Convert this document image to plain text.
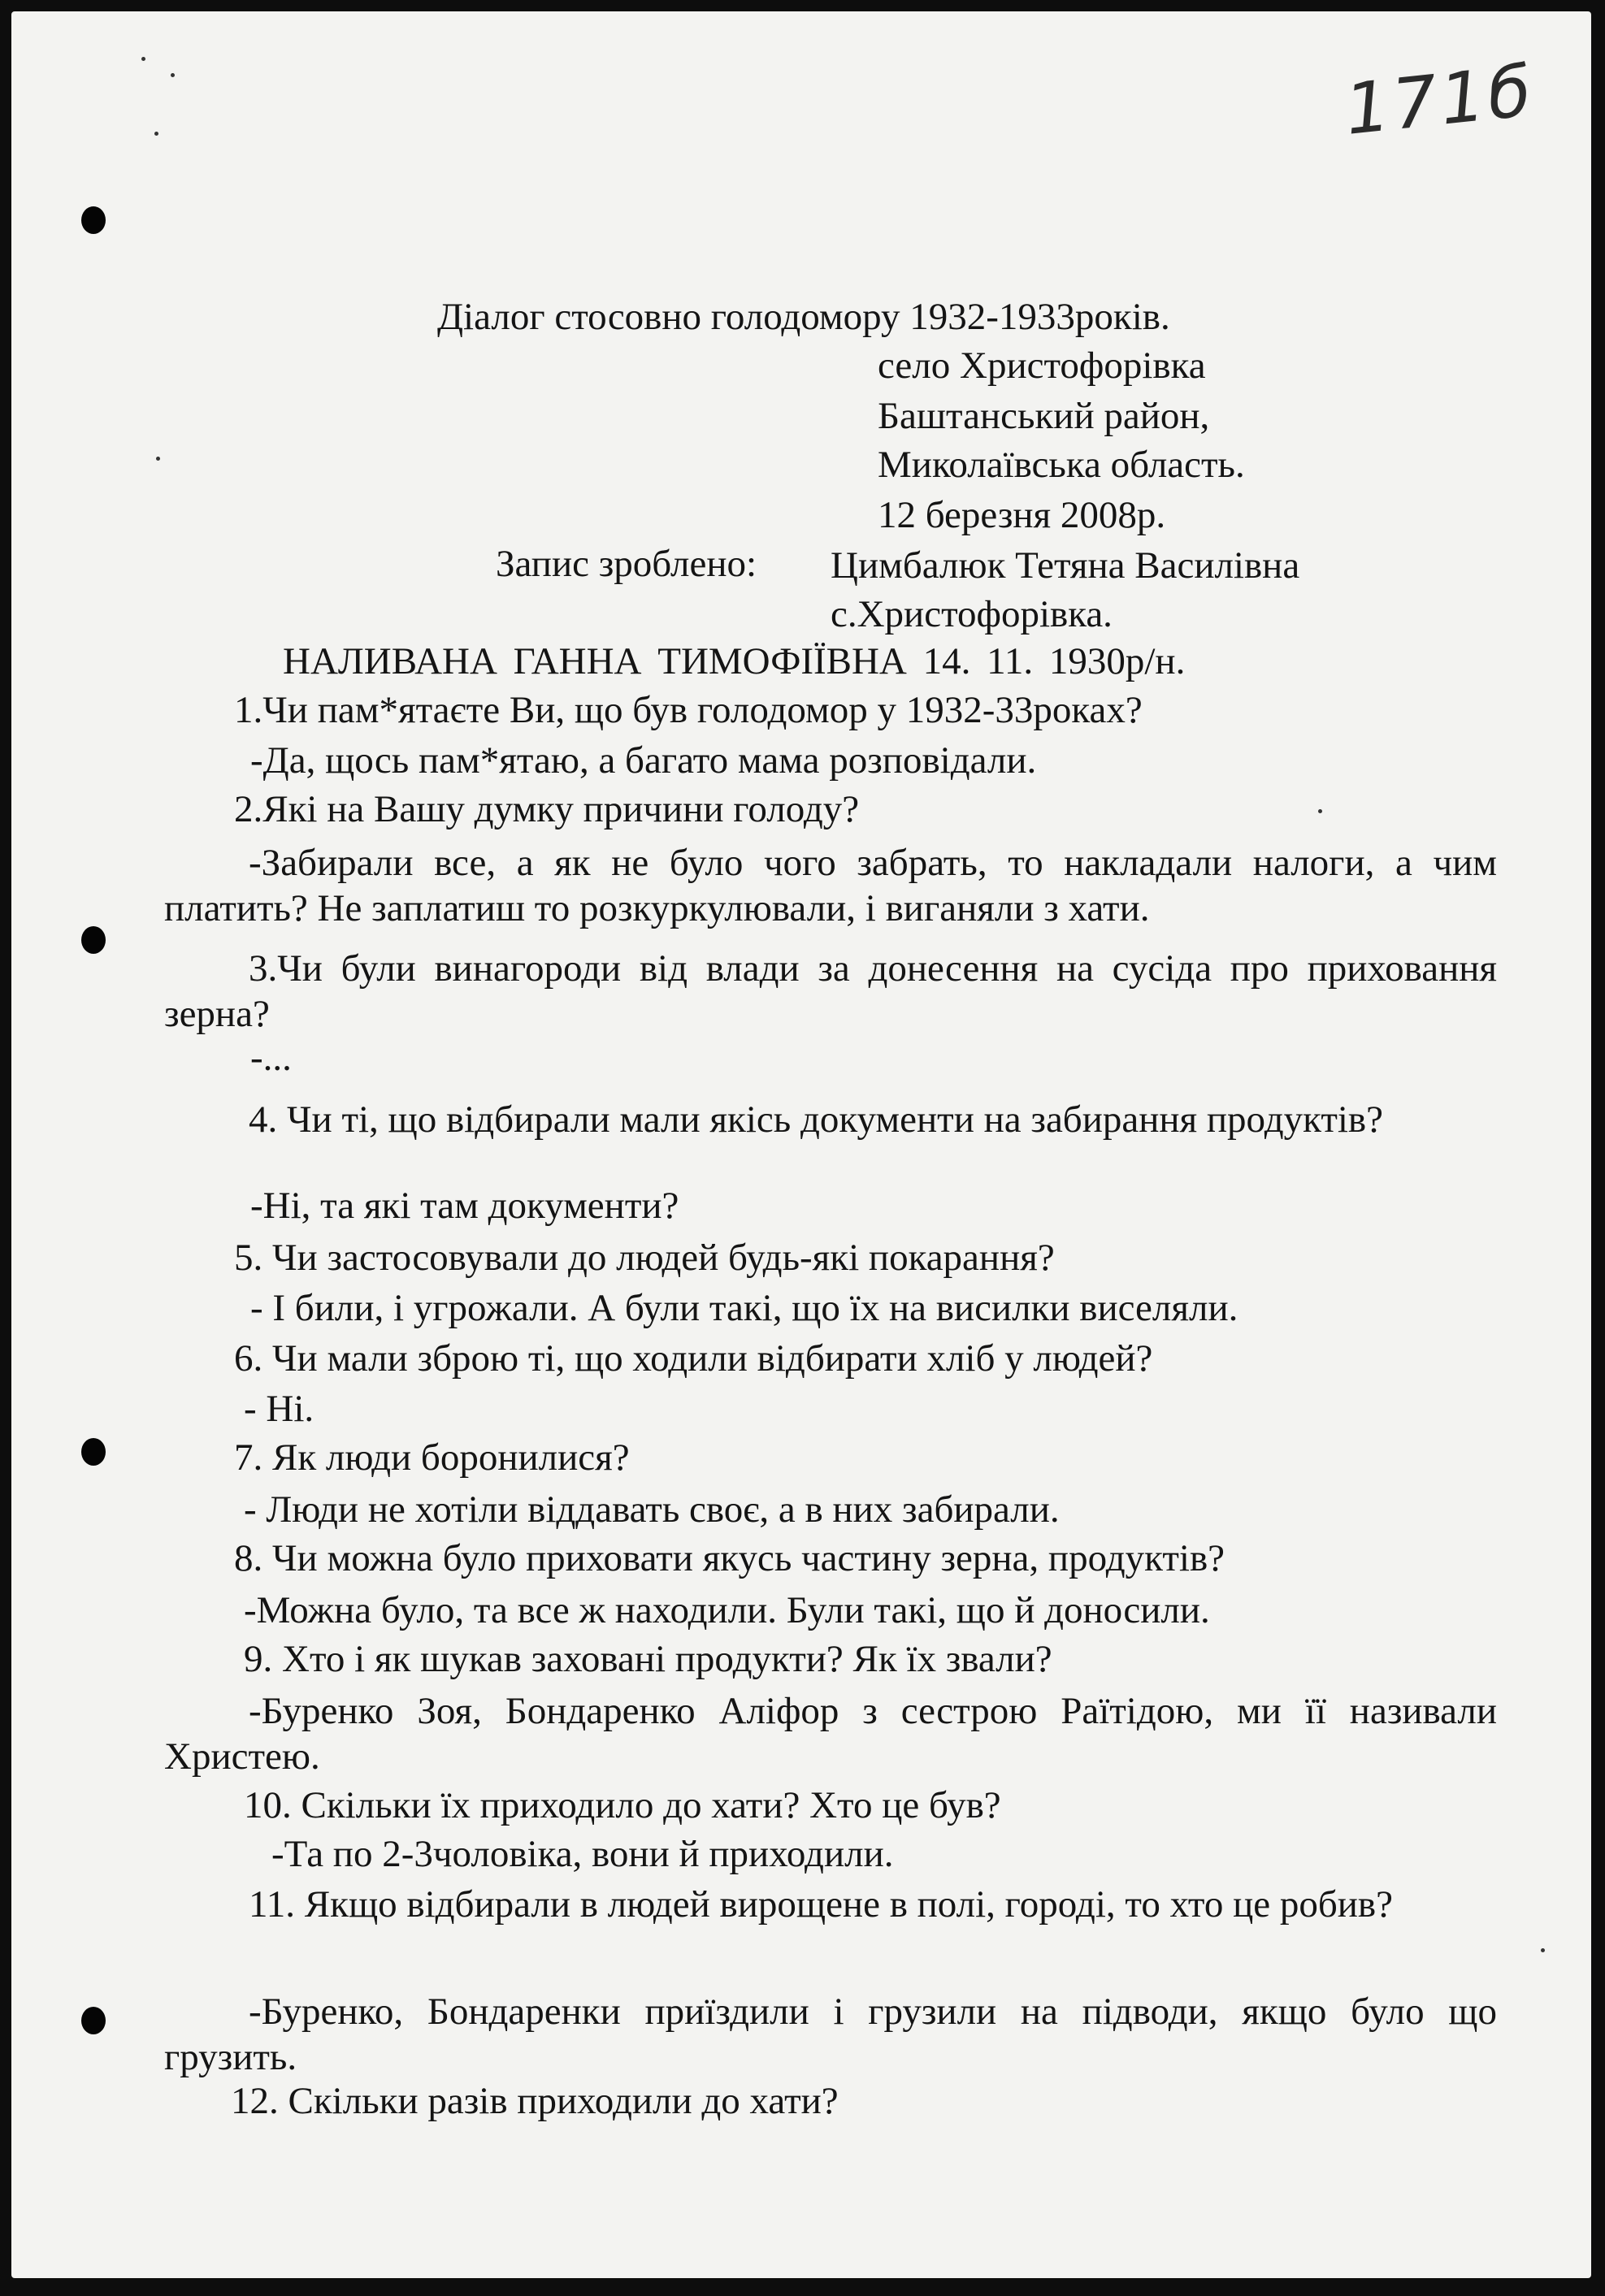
171б
Діалог стосовно голодомору 1932-1933років.
село Христофорівка
Баштанський район,
Миколаївська область.
12 березня 2008р.
Запис зроблено: Цимбалюк Тетяна Василівна
с.Христофорівка.
НАЛИВАНА ГАННА ТИМОФІЇВНА 14. 11. 1930р/н.
1.Чи пам*ятаєте Ви, що був голодомор у 1932-33роках?
-Да, щось пам*ятаю, а багато мама розповідали.
2.Які на Вашу думку причини голоду?
-Забирали все, а як не було чого забрать, то накладали налоги, а чим платить? Не заплатиш то розкуркулювали, і виганяли з хати.
3.Чи були винагороди від влади за донесення на сусіда про приховання зерна?
-...
4. Чи ті, що відбирали мали якісь документи на забирання продуктів?
-Ні, та які там документи?
5. Чи застосовували до людей будь-які покарання?
- І били, і угрожали. А були такі, що їх на висилки виселяли.
6. Чи мали зброю ті, що ходили відбирати хліб у людей?
- Ні.
7. Як люди боронилися?
- Люди не хотіли віддавать своє, а в них забирали.
8. Чи можна було приховати якусь частину зерна, продуктів?
-Можна було, та все ж находили. Були такі, що й доносили.
9. Хто і як шукав заховані продукти? Як їх звали?
-Буренко Зоя, Бондаренко Аліфор з сестрою Раїтідою, ми її називали Христею.
10. Скільки їх приходило до хати? Хто це був?
-Та по 2-3чоловіка, вони й приходили.
11. Якщо відбирали в людей вирощене в полі, городі, то хто це робив?
-Буренко, Бондаренки приїздили і грузили на підводи, якщо було що грузить.
12. Скільки разів приходили до хати?
